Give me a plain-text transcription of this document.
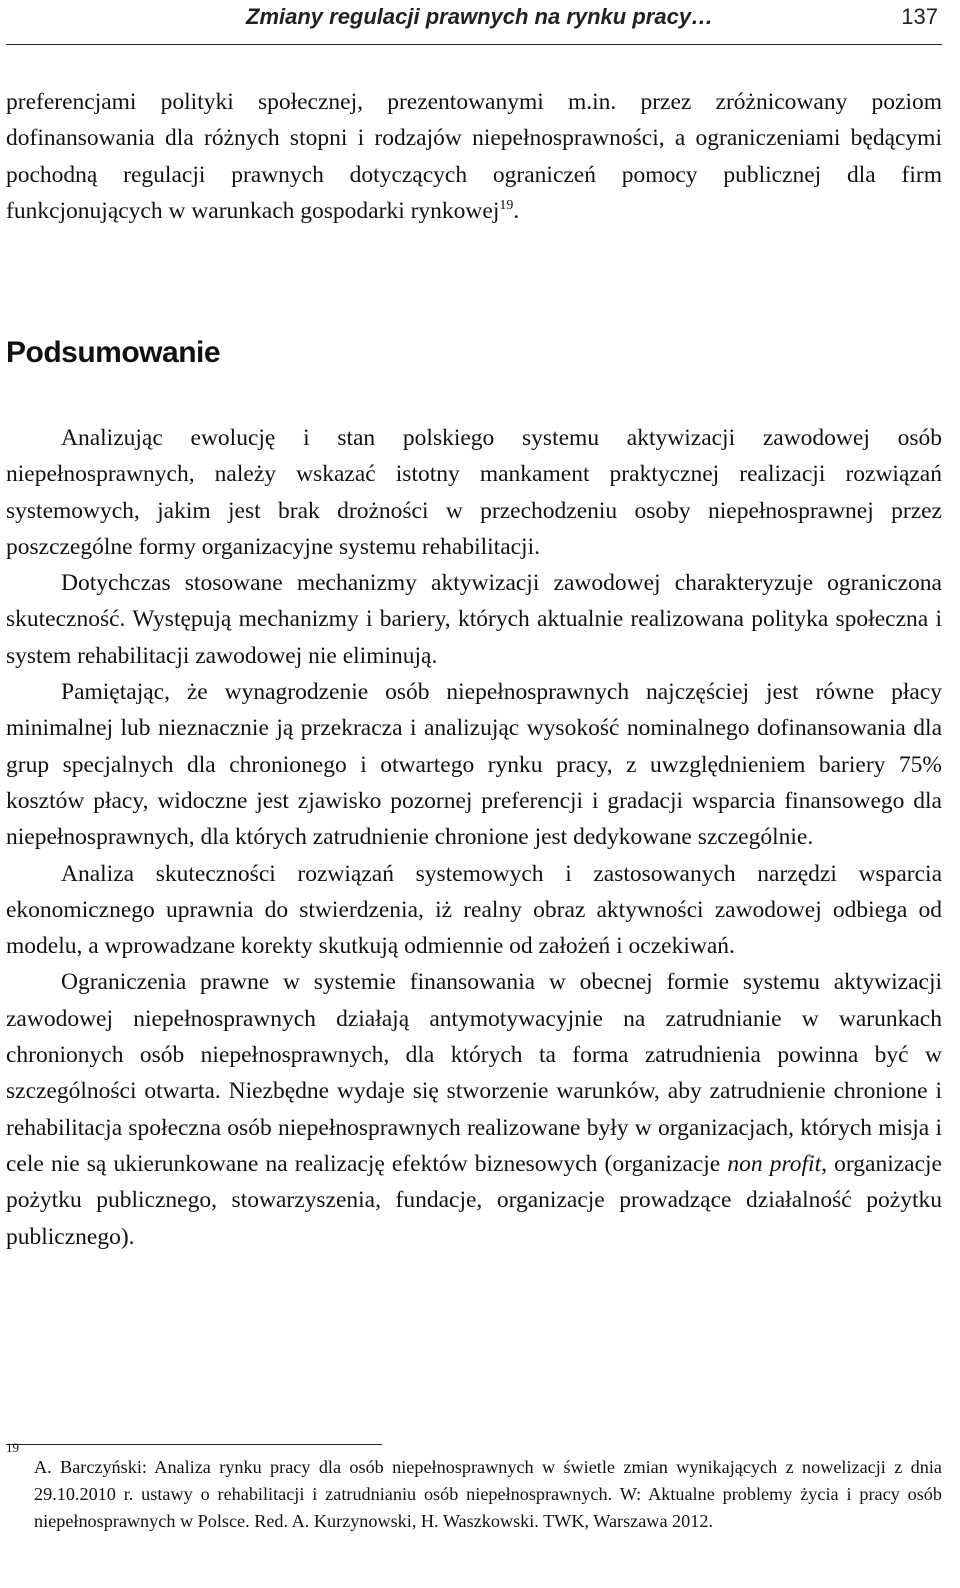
Zmiany regulacji prawnych na rynku pracy…	137

preferencjami polityki społecznej, prezentowanymi m.in. przez zróżnicowany poziom dofinansowania dla różnych stopni i rodzajów niepełnosprawności, a ograniczeniami będącymi pochodną regulacji prawnych dotyczących ograniczeń pomocy publicznej dla firm funkcjonujących w warunkach gospodarki rynkowej$^{19}$.

Podsumowanie

Analizując ewolucję i stan polskiego systemu aktywizacji zawodowej osób niepełnosprawnych, należy wskazać istotny mankament praktycznej realizacji rozwiązań systemowych, jakim jest brak drożności w przechodzeniu osoby niepełnosprawnej przez poszczególne formy organizacyjne systemu rehabilitacji.

Dotychczas stosowane mechanizmy aktywizacji zawodowej charakteryzuje ograniczona skuteczność. Występują mechanizmy i bariery, których aktualnie realizowana polityka społeczna i system rehabilitacji zawodowej nie eliminują.

Pamiętając, że wynagrodzenie osób niepełnosprawnych najczęściej jest równe płacy minimalnej lub nieznacznie ją przekracza i analizując wysokość nominalnego dofinansowania dla grup specjalnych dla chronionego i otwartego rynku pracy, z uwzględnieniem bariery 75% kosztów płacy, widoczne jest zjawisko pozornej preferencji i gradacji wsparcia finansowego dla niepełnosprawnych, dla których zatrudnienie chronione jest dedykowane szczególnie.

Analiza skuteczności rozwiązań systemowych i zastosowanych narzędzi wsparcia ekonomicznego uprawnia do stwierdzenia, iż realny obraz aktywności zawodowej odbiega od modelu, a wprowadzane korekty skutkują odmiennie od założeń i oczekiwań.

Ograniczenia prawne w systemie finansowania w obecnej formie systemu aktywizacji zawodowej niepełnosprawnych działają antymotywacyjnie na zatrudnianie w warunkach chronionych osób niepełnosprawnych, dla których ta forma zatrudnienia powinna być w szczególności otwarta. Niezbędne wydaje się stworzenie warunków, aby zatrudnienie chronione i rehabilitacja społeczna osób niepełnosprawnych realizowane były w organizacjach, których misja i cele nie są ukierunkowane na realizację efektów biznesowych (organizacje non profit, organizacje pożytku publicznego, stowarzyszenia, fundacje, organizacje prowadzące działalność pożytku publicznego).

19
A. Barczyński: Analiza rynku pracy dla osób niepełnosprawnych w świetle zmian wynikających z nowelizacji z dnia 29.10.2010 r. ustawy o rehabilitacji i zatrudnianiu osób niepełnosprawnych. W: Aktualne problemy życia i pracy osób niepełnosprawnych w Polsce. Red. A. Kurzynowski, H. Waszkowski. TWK, Warszawa 2012.
